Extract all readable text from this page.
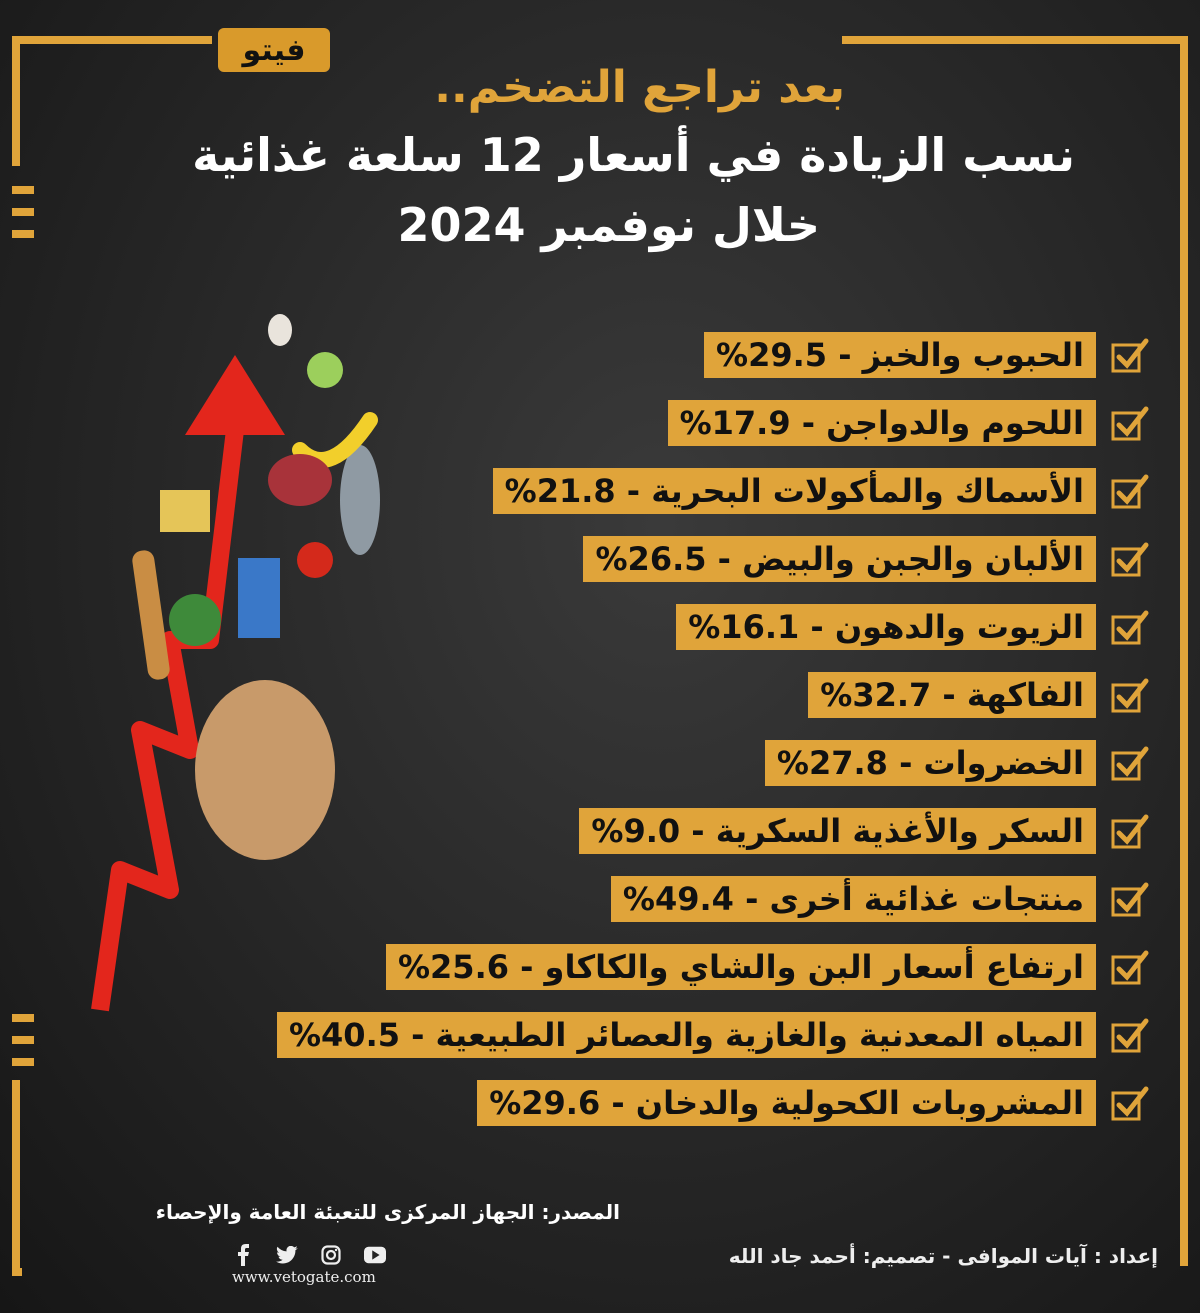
فيتو
بعد تراجع التضخم..
نسب الزيادة في أسعار 12 سلعة غذائية
خلال نوفمبر 2024
الحبوب والخبز - 29.5%
اللحوم والدواجن - 17.9%
الأسماك والمأكولات البحرية - 21.8%
الألبان والجبن والبيض - 26.5%
الزيوت والدهون - 16.1%
الفاكهة - 32.7%
الخضروات - 27.8%
السكر والأغذية السكرية - 9.0%
منتجات غذائية أخرى - 49.4%
ارتفاع أسعار البن والشاي والكاكاو - 25.6%
المياه المعدنية والغازية والعصائر الطبيعية - 40.5%
المشروبات الكحولية والدخان - 29.6%
المصدر: الجهاز المركزى للتعبئة العامة والإحصاء
إعداد : آيات الموافى - تصميم: أحمد جاد الله
www.vetogate.com
